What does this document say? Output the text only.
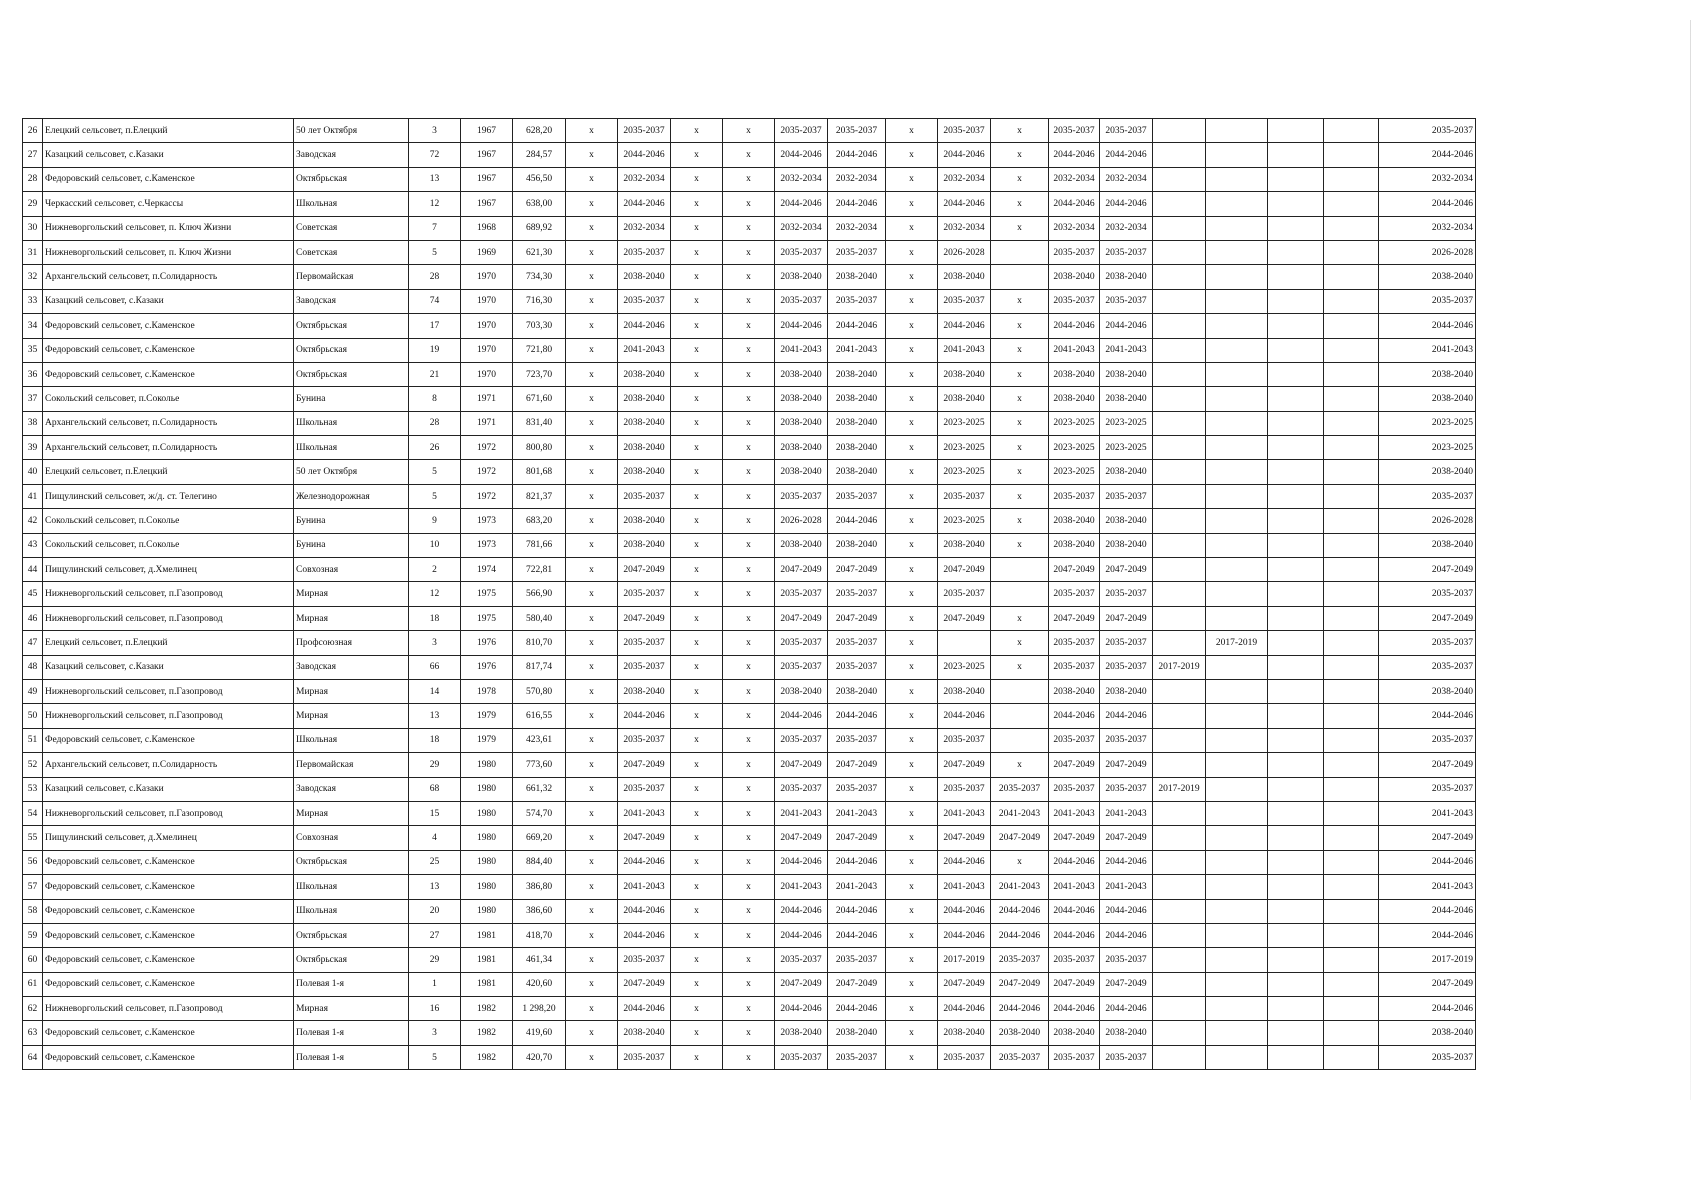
26	Елецкий сельсовет, п.Елецкий	50 лет Октября	3	1967	628,20	x	2035-2037	x	x	2035-2037	2035-2037	x	2035-2037	x	2035-2037	2035-2037					2035-2037
27	Казацкий сельсовет, с.Казаки	Заводская	72	1967	284,57	x	2044-2046	x	x	2044-2046	2044-2046	x	2044-2046	x	2044-2046	2044-2046					2044-2046
28	Федоровский сельсовет, с.Каменское	Октябрьская	13	1967	456,50	x	2032-2034	x	x	2032-2034	2032-2034	x	2032-2034	x	2032-2034	2032-2034					2032-2034
29	Черкасский сельсовет, с.Черкассы	Школьная	12	1967	638,00	x	2044-2046	x	x	2044-2046	2044-2046	x	2044-2046	x	2044-2046	2044-2046					2044-2046
30	Нижневоргольский сельсовет, п. Ключ Жизни	Советская	7	1968	689,92	x	2032-2034	x	x	2032-2034	2032-2034	x	2032-2034	x	2032-2034	2032-2034					2032-2034
31	Нижневоргольский сельсовет, п. Ключ Жизни	Советская	5	1969	621,30	x	2035-2037	x	x	2035-2037	2035-2037	x	2026-2028		2035-2037	2035-2037					2026-2028
32	Архангельский сельсовет, п.Солидарность	Первомайская	28	1970	734,30	x	2038-2040	x	x	2038-2040	2038-2040	x	2038-2040		2038-2040	2038-2040					2038-2040
33	Казацкий сельсовет, с.Казаки	Заводская	74	1970	716,30	x	2035-2037	x	x	2035-2037	2035-2037	x	2035-2037	x	2035-2037	2035-2037					2035-2037
34	Федоровский сельсовет, с.Каменское	Октябрьская	17	1970	703,30	x	2044-2046	x	x	2044-2046	2044-2046	x	2044-2046	x	2044-2046	2044-2046					2044-2046
35	Федоровский сельсовет, с.Каменское	Октябрьская	19	1970	721,80	x	2041-2043	x	x	2041-2043	2041-2043	x	2041-2043	x	2041-2043	2041-2043					2041-2043
36	Федоровский сельсовет, с.Каменское	Октябрьская	21	1970	723,70	x	2038-2040	x	x	2038-2040	2038-2040	x	2038-2040	x	2038-2040	2038-2040					2038-2040
37	Сокольский сельсовет, п.Соколье	Бунина	8	1971	671,60	x	2038-2040	x	x	2038-2040	2038-2040	x	2038-2040	x	2038-2040	2038-2040					2038-2040
38	Архангельский сельсовет, п.Солидарность	Школьная	28	1971	831,40	x	2038-2040	x	x	2038-2040	2038-2040	x	2023-2025	x	2023-2025	2023-2025					2023-2025
39	Архангельский сельсовет, п.Солидарность	Школьная	26	1972	800,80	x	2038-2040	x	x	2038-2040	2038-2040	x	2023-2025	x	2023-2025	2023-2025					2023-2025
40	Елецкий сельсовет, п.Елецкий	50 лет Октября	5	1972	801,68	x	2038-2040	x	x	2038-2040	2038-2040	x	2023-2025	x	2023-2025	2038-2040					2038-2040
41	Пищулинский сельсовет, ж/д. ст. Телегино	Железнодорожная	5	1972	821,37	x	2035-2037	x	x	2035-2037	2035-2037	x	2035-2037	x	2035-2037	2035-2037					2035-2037
42	Сокольский сельсовет, п.Соколье	Бунина	9	1973	683,20	x	2038-2040	x	x	2026-2028	2044-2046	x	2023-2025	x	2038-2040	2038-2040					2026-2028
43	Сокольский сельсовет, п.Соколье	Бунина	10	1973	781,66	x	2038-2040	x	x	2038-2040	2038-2040	x	2038-2040	x	2038-2040	2038-2040					2038-2040
44	Пищулинский сельсовет, д.Хмелинец	Совхозная	2	1974	722,81	x	2047-2049	x	x	2047-2049	2047-2049	x	2047-2049		2047-2049	2047-2049					2047-2049
45	Нижневоргольский сельсовет, п.Газопровод	Мирная	12	1975	566,90	x	2035-2037	x	x	2035-2037	2035-2037	x	2035-2037		2035-2037	2035-2037					2035-2037
46	Нижневоргольский сельсовет, п.Газопровод	Мирная	18	1975	580,40	x	2047-2049	x	x	2047-2049	2047-2049	x	2047-2049	x	2047-2049	2047-2049					2047-2049
47	Елецкий сельсовет, п.Елецкий	Профсоюзная	3	1976	810,70	x	2035-2037	x	x	2035-2037	2035-2037	x		x	2035-2037	2035-2037		2017-2019			2035-2037
48	Казацкий сельсовет, с.Казаки	Заводская	66	1976	817,74	x	2035-2037	x	x	2035-2037	2035-2037	x	2023-2025	x	2035-2037	2035-2037	2017-2019				2035-2037
49	Нижневоргольский сельсовет, п.Газопровод	Мирная	14	1978	570,80	x	2038-2040	x	x	2038-2040	2038-2040	x	2038-2040		2038-2040	2038-2040					2038-2040
50	Нижневоргольский сельсовет, п.Газопровод	Мирная	13	1979	616,55	x	2044-2046	x	x	2044-2046	2044-2046	x	2044-2046		2044-2046	2044-2046					2044-2046
51	Федоровский сельсовет, с.Каменское	Школьная	18	1979	423,61	x	2035-2037	x	x	2035-2037	2035-2037	x	2035-2037		2035-2037	2035-2037					2035-2037
52	Архангельский сельсовет, п.Солидарность	Первомайская	29	1980	773,60	x	2047-2049	x	x	2047-2049	2047-2049	x	2047-2049	x	2047-2049	2047-2049					2047-2049
53	Казацкий сельсовет, с.Казаки	Заводская	68	1980	661,32	x	2035-2037	x	x	2035-2037	2035-2037	x	2035-2037	2035-2037	2035-2037	2035-2037	2017-2019				2035-2037
54	Нижневоргольский сельсовет, п.Газопровод	Мирная	15	1980	574,70	x	2041-2043	x	x	2041-2043	2041-2043	x	2041-2043	2041-2043	2041-2043	2041-2043					2041-2043
55	Пищулинский сельсовет, д.Хмелинец	Совхозная	4	1980	669,20	x	2047-2049	x	x	2047-2049	2047-2049	x	2047-2049	2047-2049	2047-2049	2047-2049					2047-2049
56	Федоровский сельсовет, с.Каменское	Октябрьская	25	1980	884,40	x	2044-2046	x	x	2044-2046	2044-2046	x	2044-2046	x	2044-2046	2044-2046					2044-2046
57	Федоровский сельсовет, с.Каменское	Школьная	13	1980	386,80	x	2041-2043	x	x	2041-2043	2041-2043	x	2041-2043	2041-2043	2041-2043	2041-2043					2041-2043
58	Федоровский сельсовет, с.Каменское	Школьная	20	1980	386,60	x	2044-2046	x	x	2044-2046	2044-2046	x	2044-2046	2044-2046	2044-2046	2044-2046					2044-2046
59	Федоровский сельсовет, с.Каменское	Октябрьская	27	1981	418,70	x	2044-2046	x	x	2044-2046	2044-2046	x	2044-2046	2044-2046	2044-2046	2044-2046					2044-2046
60	Федоровский сельсовет, с.Каменское	Октябрьская	29	1981	461,34	x	2035-2037	x	x	2035-2037	2035-2037	x	2017-2019	2035-2037	2035-2037	2035-2037					2017-2019
61	Федоровский сельсовет, с.Каменское	Полевая 1-я	1	1981	420,60	x	2047-2049	x	x	2047-2049	2047-2049	x	2047-2049	2047-2049	2047-2049	2047-2049					2047-2049
62	Нижневоргольский сельсовет, п.Газопровод	Мирная	16	1982	1 298,20	x	2044-2046	x	x	2044-2046	2044-2046	x	2044-2046	2044-2046	2044-2046	2044-2046					2044-2046
63	Федоровский сельсовет, с.Каменское	Полевая 1-я	3	1982	419,60	x	2038-2040	x	x	2038-2040	2038-2040	x	2038-2040	2038-2040	2038-2040	2038-2040					2038-2040
64	Федоровский сельсовет, с.Каменское	Полевая 1-я	5	1982	420,70	x	2035-2037	x	x	2035-2037	2035-2037	x	2035-2037	2035-2037	2035-2037	2035-2037					2035-2037
